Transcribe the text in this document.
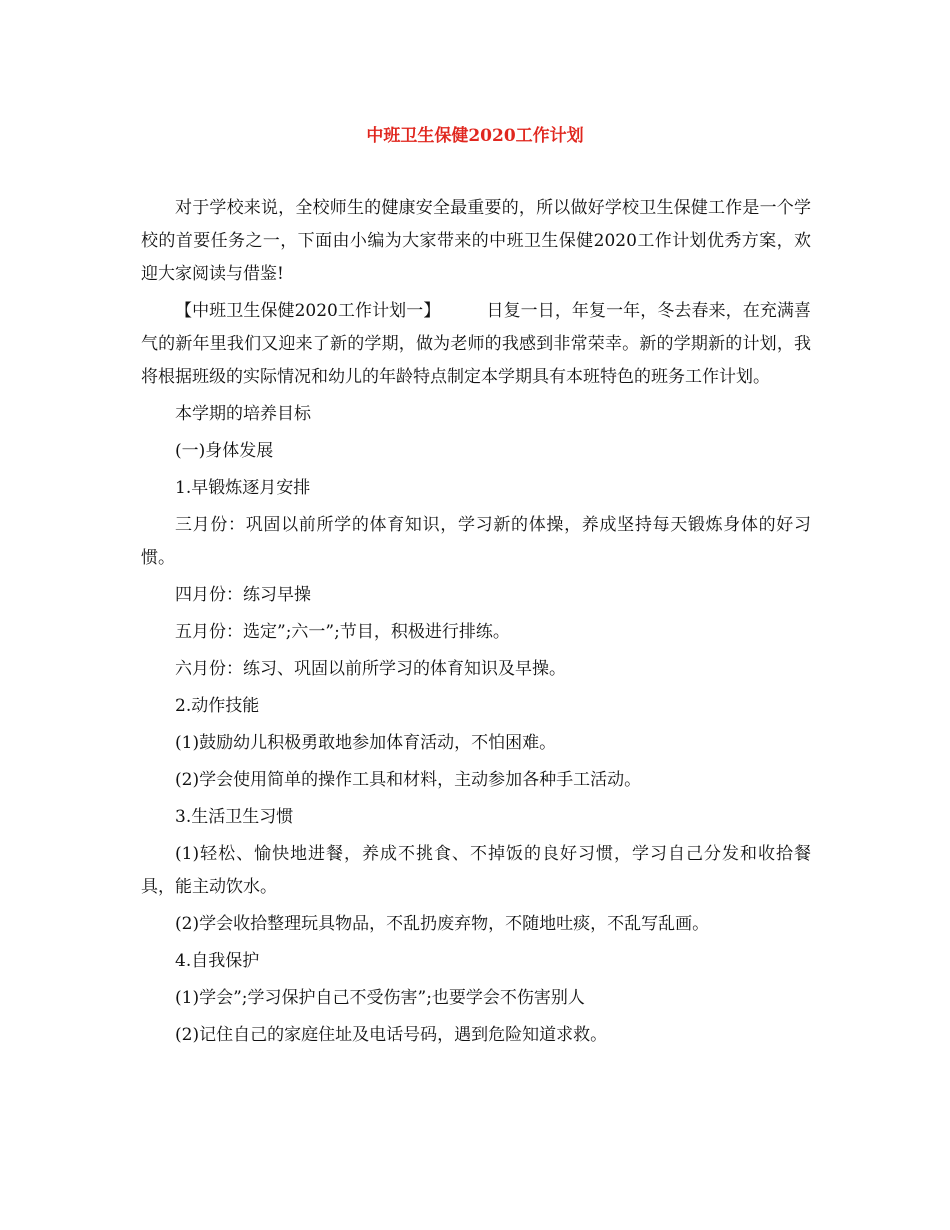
中班卫生保健2020工作计划

对于学校来说，全校师生的健康安全最重要的，所以做好学校卫生保健工作是一个学校的首要任务之一，下面由小编为大家带来的中班卫生保健2020工作计划优秀方案，欢迎大家阅读与借鉴!

【中班卫生保健2020工作计划一】	日复一日，年复一年，冬去春来，在充满喜气的新年里我们又迎来了新的学期，做为老师的我感到非常荣幸。新的学期新的计划，我将根据班级的实际情况和幼儿的年龄特点制定本学期具有本班特色的班务工作计划。

本学期的培养目标

(一)身体发展

1.早锻炼逐月安排

三月份：巩固以前所学的体育知识，学习新的体操，养成坚持每天锻炼身体的好习惯。

四月份：练习早操

五月份：选定”;六一”;节目，积极进行排练。

六月份：练习、巩固以前所学习的体育知识及早操。

2.动作技能

(1)鼓励幼儿积极勇敢地参加体育活动，不怕困难。

(2)学会使用简单的操作工具和材料，主动参加各种手工活动。

3.生活卫生习惯

(1)轻松、愉快地进餐，养成不挑食、不掉饭的良好习惯，学习自己分发和收拾餐具，能主动饮水。

(2)学会收拾整理玩具物品，不乱扔废弃物，不随地吐痰，不乱写乱画。

4.自我保护

(1)学会”;学习保护自己不受伤害”;也要学会不伤害别人

(2)记住自己的家庭住址及电话号码，遇到危险知道求救。
